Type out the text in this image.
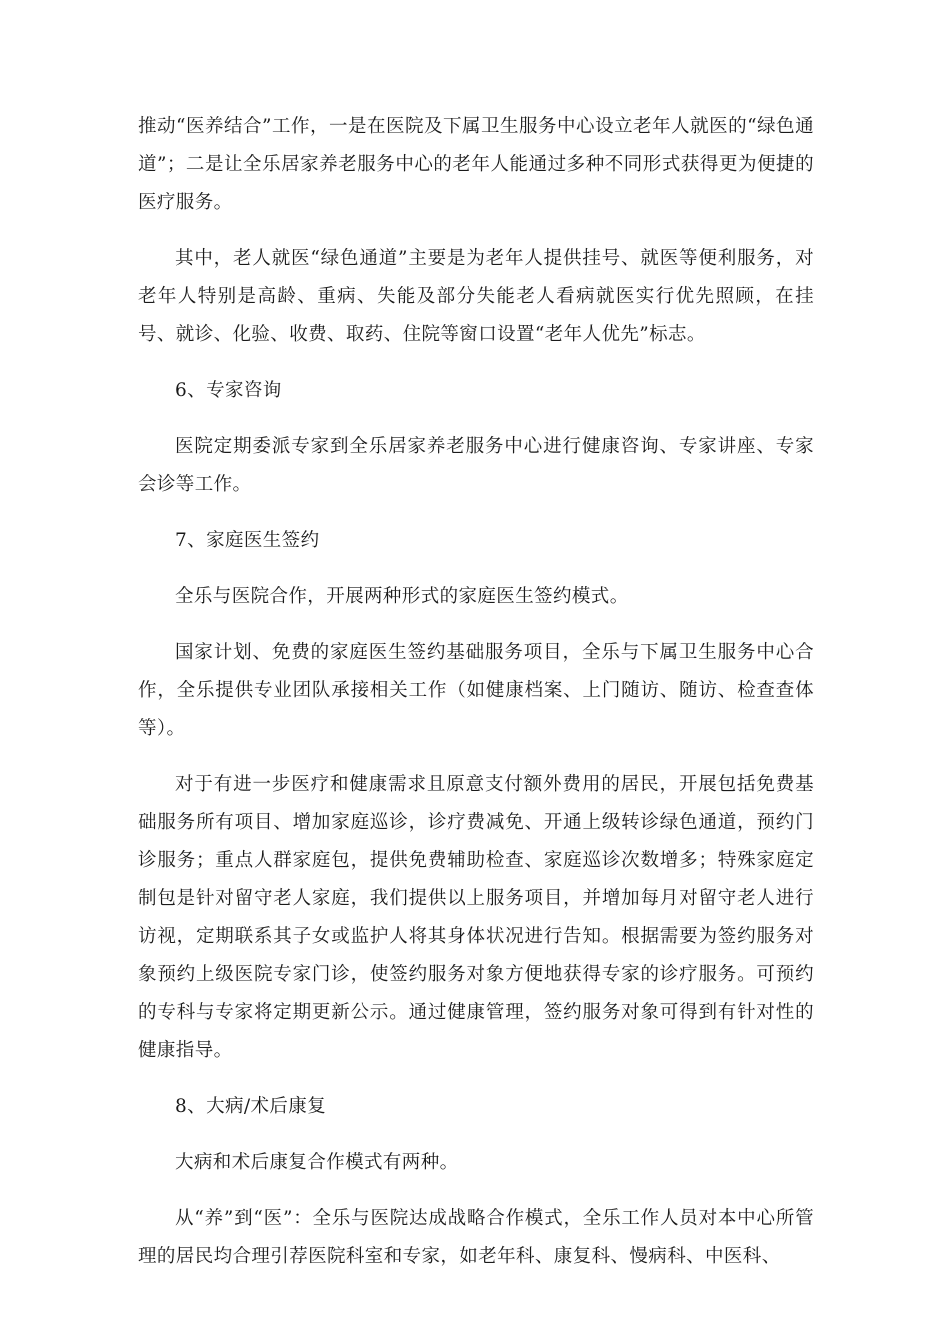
推动“医养结合”工作，一是在医院及下属卫生服务中心设立老年人就医的“绿色通道”；二是让全乐居家养老服务中心的老年人能通过多种不同形式获得更为便捷的医疗服务。

其中，老人就医“绿色通道”主要是为老年人提供挂号、就医等便利服务，对老年人特别是高龄、重病、失能及部分失能老人看病就医实行优先照顾，在挂号、就诊、化验、收费、取药、住院等窗口设置“老年人优先”标志。

6、专家咨询

医院定期委派专家到全乐居家养老服务中心进行健康咨询、专家讲座、专家会诊等工作。

7、家庭医生签约

全乐与医院合作，开展两种形式的家庭医生签约模式。

国家计划、免费的家庭医生签约基础服务项目，全乐与下属卫生服务中心合作，全乐提供专业团队承接相关工作（如健康档案、上门随访、随访、检查查体等）。

对于有进一步医疗和健康需求且原意支付额外费用的居民，开展包括免费基础服务所有项目、增加家庭巡诊，诊疗费减免、开通上级转诊绿色通道，预约门诊服务；重点人群家庭包，提供免费辅助检查、家庭巡诊次数增多；特殊家庭定制包是针对留守老人家庭，我们提供以上服务项目，并增加每月对留守老人进行访视，定期联系其子女或监护人将其身体状况进行告知。根据需要为签约服务对象预约上级医院专家门诊，使签约服务对象方便地获得专家的诊疗服务。可预约的专科与专家将定期更新公示。通过健康管理，签约服务对象可得到有针对性的健康指导。

8、大病/术后康复

大病和术后康复合作模式有两种。

从“养”到“医”：全乐与医院达成战略合作模式，全乐工作人员对本中心所管理的居民均合理引荐医院科室和专家，如老年科、康复科、慢病科、中医科、
